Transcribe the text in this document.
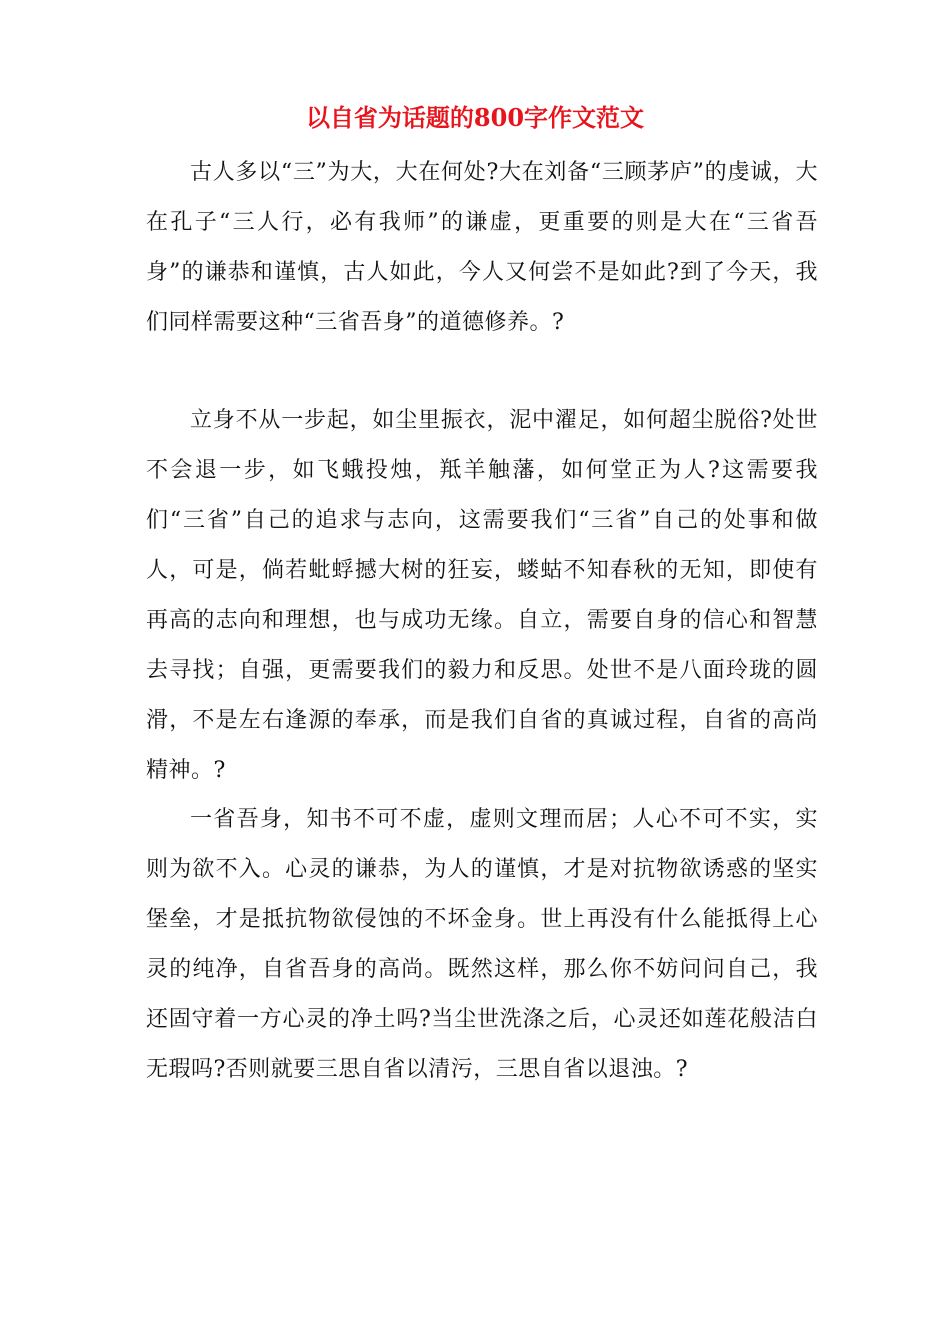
以自省为话题的800字作文范文

古人多以“三”为大，大在何处?大在刘备“三顾茅庐”的虔诚，大在孔子“三人行，必有我师”的谦虚，更重要的则是大在“三省吾身”的谦恭和谨慎，古人如此，今人又何尝不是如此?到了今天，我们同样需要这种“三省吾身”的道德修养。?

立身不从一步起，如尘里振衣，泥中濯足，如何超尘脱俗?处世不会退一步，如飞蛾投烛，羝羊触藩，如何堂正为人?这需要我们“三省”自己的追求与志向，这需要我们“三省”自己的处事和做人，可是，倘若蚍蜉撼大树的狂妄，蝼蛄不知春秋的无知，即使有再高的志向和理想，也与成功无缘。自立，需要自身的信心和智慧去寻找；自强，更需要我们的毅力和反思。处世不是八面玲珑的圆滑，不是左右逢源的奉承，而是我们自省的真诚过程，自省的高尚精神。?

一省吾身，知书不可不虚，虚则文理而居；人心不可不实，实则为欲不入。心灵的谦恭，为人的谨慎，才是对抗物欲诱惑的坚实堡垒，才是抵抗物欲侵蚀的不坏金身。世上再没有什么能抵得上心灵的纯净，自省吾身的高尚。既然这样，那么你不妨问问自己，我还固守着一方心灵的净土吗?当尘世洗涤之后，心灵还如莲花般洁白无瑕吗?否则就要三思自省以清污，三思自省以退浊。?
